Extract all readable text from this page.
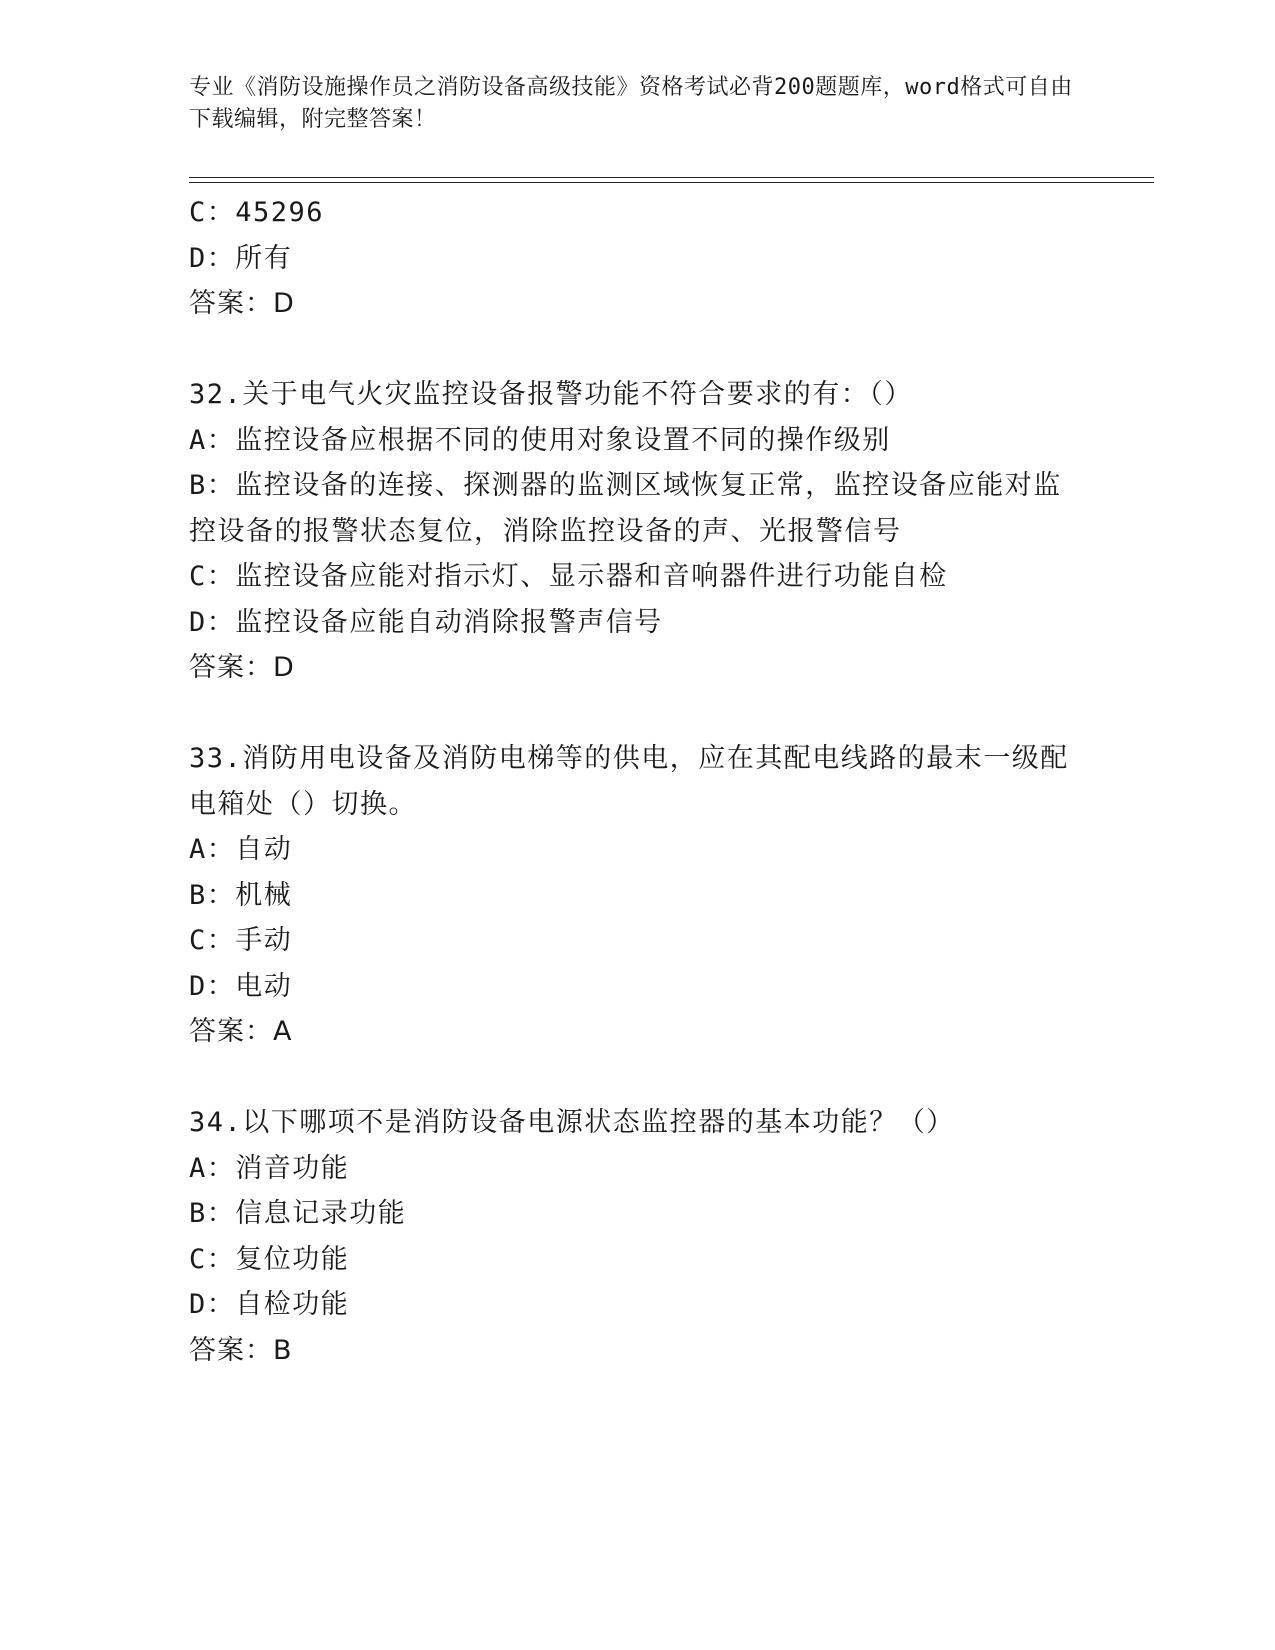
专业《消防设施操作员之消防设备高级技能》资格考试必背200题题库，word格式可自由下载编辑，附完整答案！
C：45296
D：所有
答案：D
32.关于电气火灾监控设备报警功能不符合要求的有：（）
A：监控设备应根据不同的使用对象设置不同的操作级别
B：监控设备的连接、探测器的监测区域恢复正常，监控设备应能对监控设备的报警状态复位，消除监控设备的声、光报警信号
C：监控设备应能对指示灯、显示器和音响器件进行功能自检
D：监控设备应能自动消除报警声信号
答案：D
33.消防用电设备及消防电梯等的供电，应在其配电线路的最末一级配电箱处（）切换。
A：自动
B：机械
C：手动
D：电动
答案：A
34.以下哪项不是消防设备电源状态监控器的基本功能？（）
A：消音功能
B：信息记录功能
C：复位功能
D：自检功能
答案：B
